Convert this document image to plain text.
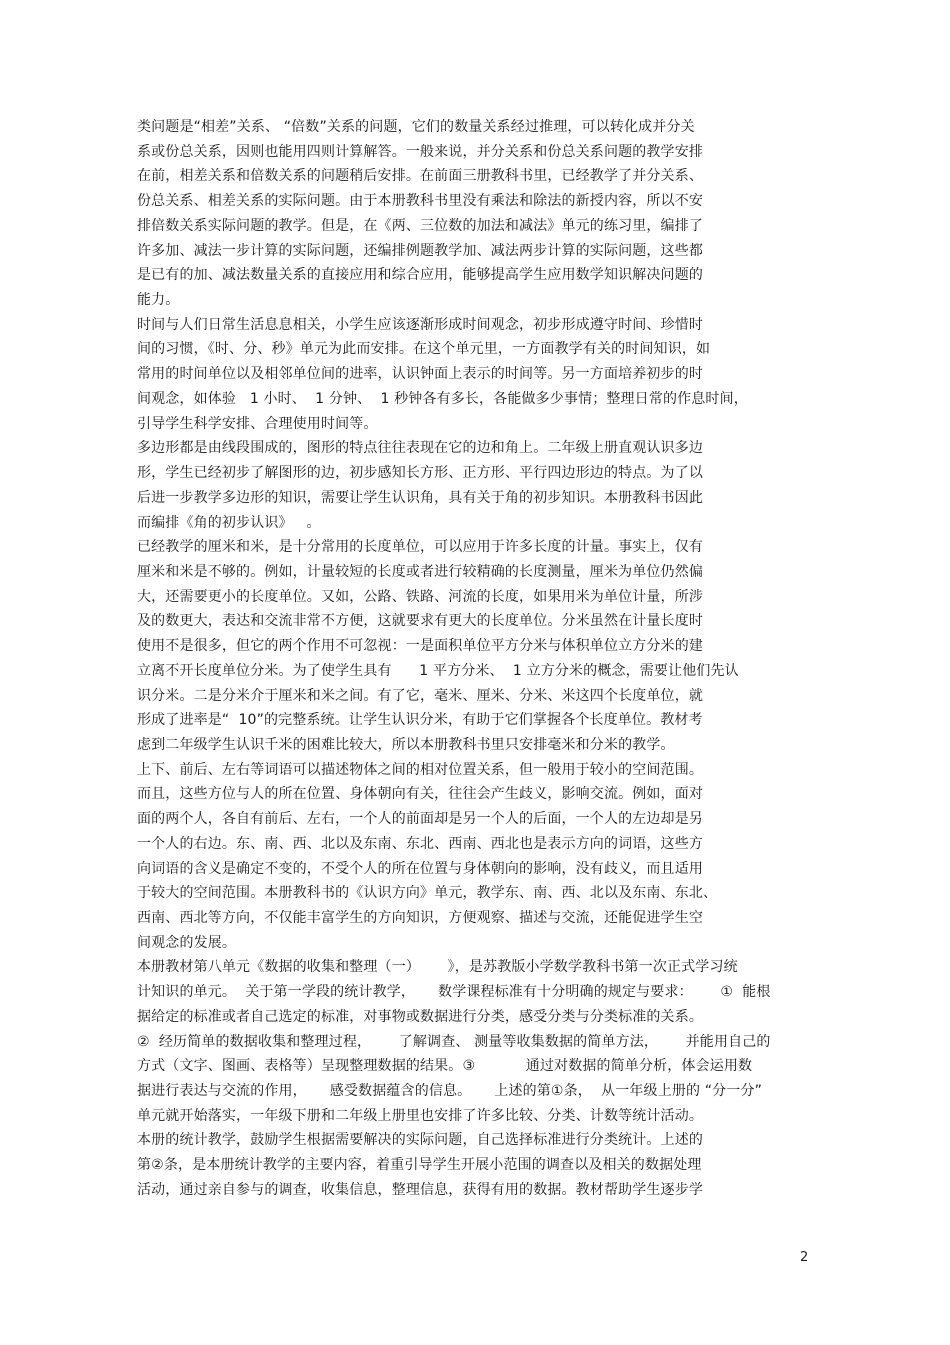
类问题是“相差”关系、 “倍数”关系的问题，它们的数量关系经过推理，可以转化成并分关
系或份总关系，因则也能用四则计算解答。一般来说，并分关系和份总关系问题的教学安排
在前，相差关系和倍数关系的问题稍后安排。在前面三册教科书里，已经教学了并分关系、
份总关系、相差关系的实际问题。由于本册教科书里没有乘法和除法的新授内容，所以不安
排倍数关系实际问题的教学。但是，在《两、三位数的加法和减法》单元的练习里，编排了
许多加、减法一步计算的实际问题，还编排例题教学加、减法两步计算的实际问题，这些都
是已有的加、减法数量关系的直接应用和综合应用，能够提高学生应用数学知识解决问题的
能力。
时间与人们日常生活息息相关，小学生应该逐渐形成时间观念，初步形成遵守时间、珍惜时
间的习惯，《时、分、秒》单元为此而安排。在这个单元里，一方面教学有关的时间知识，如
常用的时间单位以及相邻单位间的进率，认识钟面上表示的时间等。另一方面培养初步的时
间观念，如体验   1 小时、  1 分钟、  1 秒钟各有多长，各能做多少事情；整理日常的作息时间，
引导学生科学安排、合理使用时间等。
多边形都是由线段围成的，图形的特点往往表现在它的边和角上。二年级上册直观认识多边
形，学生已经初步了解图形的边，初步感知长方形、正方形、平行四边形边的特点。为了以
后进一步教学多边形的知识，需要让学生认识角，具有关于角的初步知识。本册教科书因此
而编排《角的初步认识》   。
已经教学的厘米和米，是十分常用的长度单位，可以应用于许多长度的计量。事实上，仅有
厘米和米是不够的。例如，计量较短的长度或者进行较精确的长度测量，厘米为单位仍然偏
大，还需要更小的长度单位。又如，公路、铁路、河流的长度，如果用米为单位计量，所涉
及的数更大，表达和交流非常不方便，这就要求有更大的长度单位。分米虽然在计量长度时
使用不是很多，但它的两个作用不可忽视：一是面积单位平方分米与体积单位立方分米的建
立离不开长度单位分米。为了使学生具有      1 平方分米、  1 立方分米的概念，需要让他们先认
识分米。二是分米介于厘米和米之间。有了它，毫米、厘米、分米、米这四个长度单位，就
形成了进率是“  10”的完整系统。让学生认识分米，有助于它们掌握各个长度单位。教材考
虑到二年级学生认识千米的困难比较大，所以本册教科书里只安排毫米和分米的教学。
上下、前后、左右等词语可以描述物体之间的相对位置关系，但一般用于较小的空间范围。
而且，这些方位与人的所在位置、身体朝向有关，往往会产生歧义，影响交流。例如，面对
面的两个人，各自有前后、左右，一个人的前面却是另一个人的后面，一个人的左边却是另
一个人的右边。东、南、西、北以及东南、东北、西南、西北也是表示方向的词语，这些方
向词语的含义是确定不变的，不受个人的所在位置与身体朝向的影响，没有歧义，而且适用
于较大的空间范围。本册教科书的《认识方向》单元，教学东、南、西、北以及东南、东北、
西南、西北等方向，不仅能丰富学生的方向知识，方便观察、描述与交流，还能促进学生空
间观念的发展。
本册教材第八单元《数据的收集和整理（一）      》，是苏教版小学数学教科书第一次正式学习统
计知识的单元。  关于第一学段的统计教学，     数学课程标准有十分明确的规定与要求：      ①  能根
据给定的标准或者自己选定的标准，对事物或数据进行分类，感受分类与分类标准的关系。
②  经历简单的数据收集和整理过程，      了解调查、 测量等收集数据的简单方法，      并能用自己的
方式（文字、图画、表格等）呈现整理数据的结果。③           通过对数据的简单分析，体会运用数
据进行表达与交流的作用，     感受数据蕴含的信息。     上述的第①条，  从一年级上册的 “分一分”
单元就开始落实，一年级下册和二年级上册里也安排了许多比较、分类、计数等统计活动。
本册的统计教学，鼓励学生根据需要解决的实际问题，自己选择标准进行分类统计。上述的
第②条，是本册统计教学的主要内容，着重引导学生开展小范围的调查以及相关的数据处理
活动，通过亲自参与的调查，收集信息，整理信息，获得有用的数据。教材帮助学生逐步学
2
